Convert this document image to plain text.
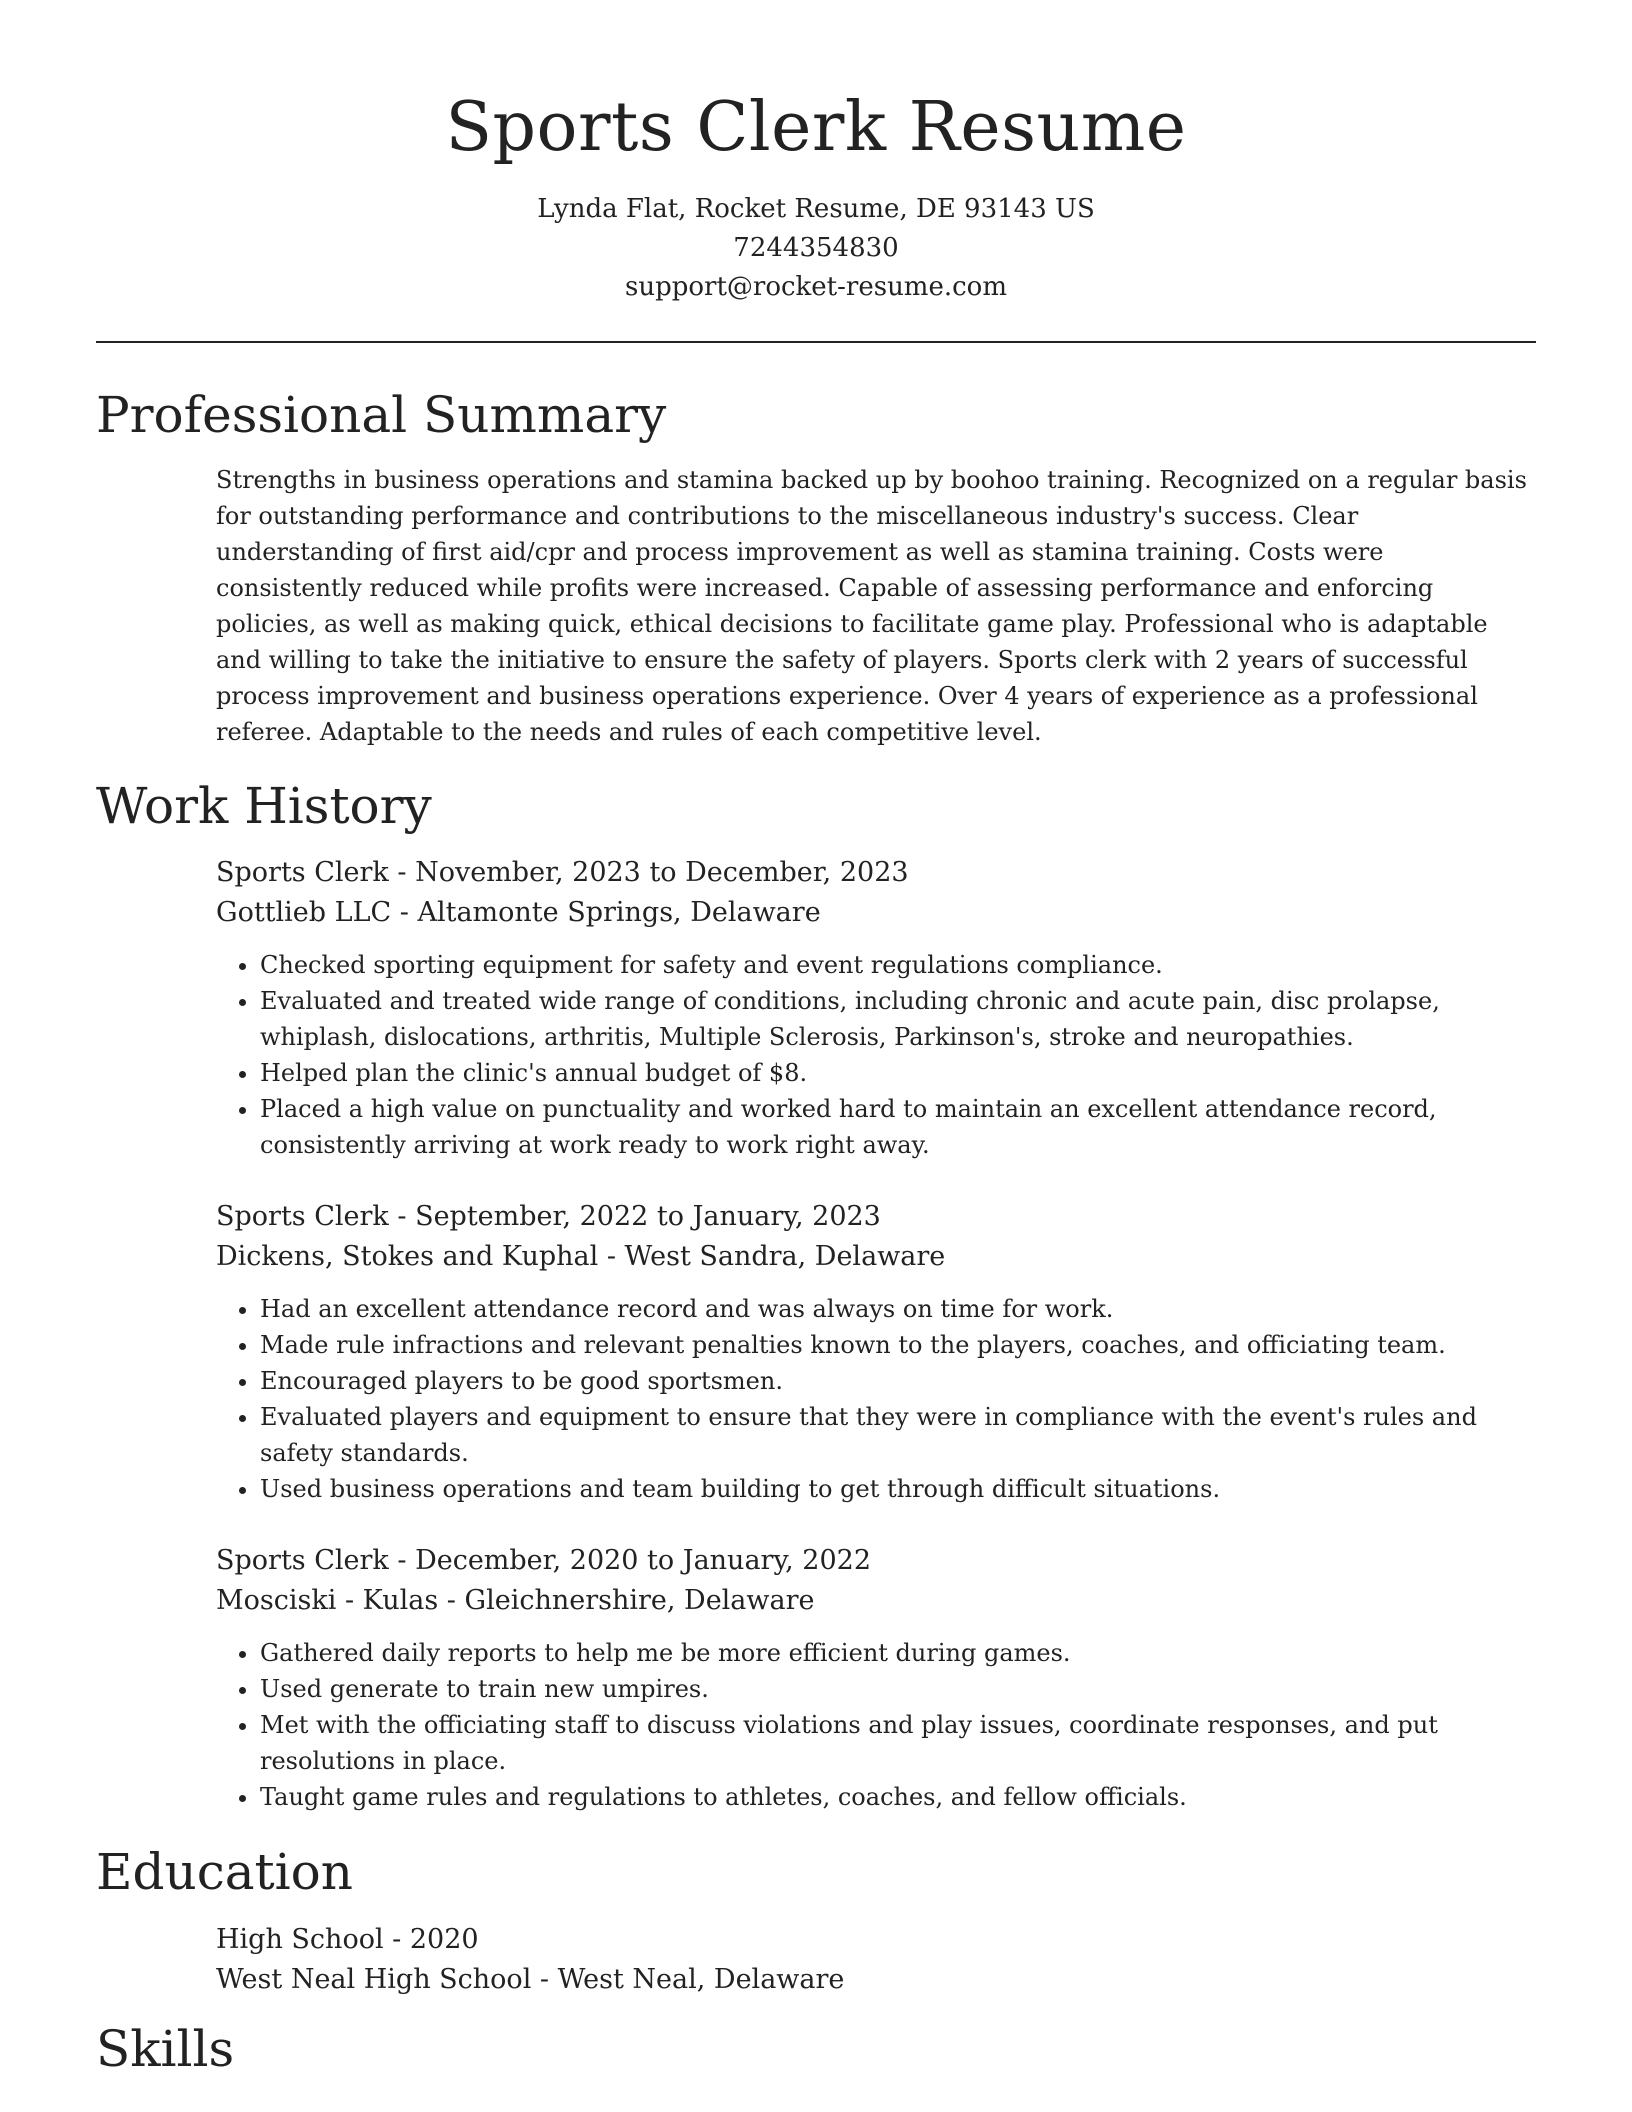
Sports Clerk Resume
Lynda Flat, Rocket Resume, DE 93143 US
7244354830
support@rocket-resume.com
Professional Summary

Strengths in business operations and stamina backed up by boohoo training. Recognized on a regular basis for outstanding performance and contributions to the miscellaneous industry's success. Clear understanding of first aid/cpr and process improvement as well as stamina training. Costs were consistently reduced while profits were increased. Capable of assessing performance and enforcing policies, as well as making quick, ethical decisions to facilitate game play. Professional who is adaptable and willing to take the initiative to ensure the safety of players. Sports clerk with 2 years of successful process improvement and business operations experience. Over 4 years of experience as a professional referee. Adaptable to the needs and rules of each competitive level.

Work History

Sports Clerk - November, 2023 to December, 2023

Gottlieb LLC - Altamonte Springs, Delaware

• Checked sporting equipment for safety and event regulations compliance.
• Evaluated and treated wide range of conditions, including chronic and acute pain, disc prolapse, whiplash, dislocations, arthritis, Multiple Sclerosis, Parkinson's, stroke and neuropathies.
• Helped plan the clinic's annual budget of $8.
• Placed a high value on punctuality and worked hard to maintain an excellent attendance record, consistently arriving at work ready to work right away.

Sports Clerk - September, 2022 to January, 2023

Dickens, Stokes and Kuphal - West Sandra, Delaware

• Had an excellent attendance record and was always on time for work.
• Made rule infractions and relevant penalties known to the players, coaches, and officiating team.
• Encouraged players to be good sportsmen.
• Evaluated players and equipment to ensure that they were in compliance with the event's rules and safety standards.
• Used business operations and team building to get through difficult situations.

Sports Clerk - December, 2020 to January, 2022

Mosciski - Kulas - Gleichnershire, Delaware

• Gathered daily reports to help me be more efficient during games.
• Used generate to train new umpires.
• Met with the officiating staff to discuss violations and play issues, coordinate responses, and put resolutions in place.
• Taught game rules and regulations to athletes, coaches, and fellow officials.
Education

High School - 2020

West Neal High School - West Neal, Delaware

Skills
